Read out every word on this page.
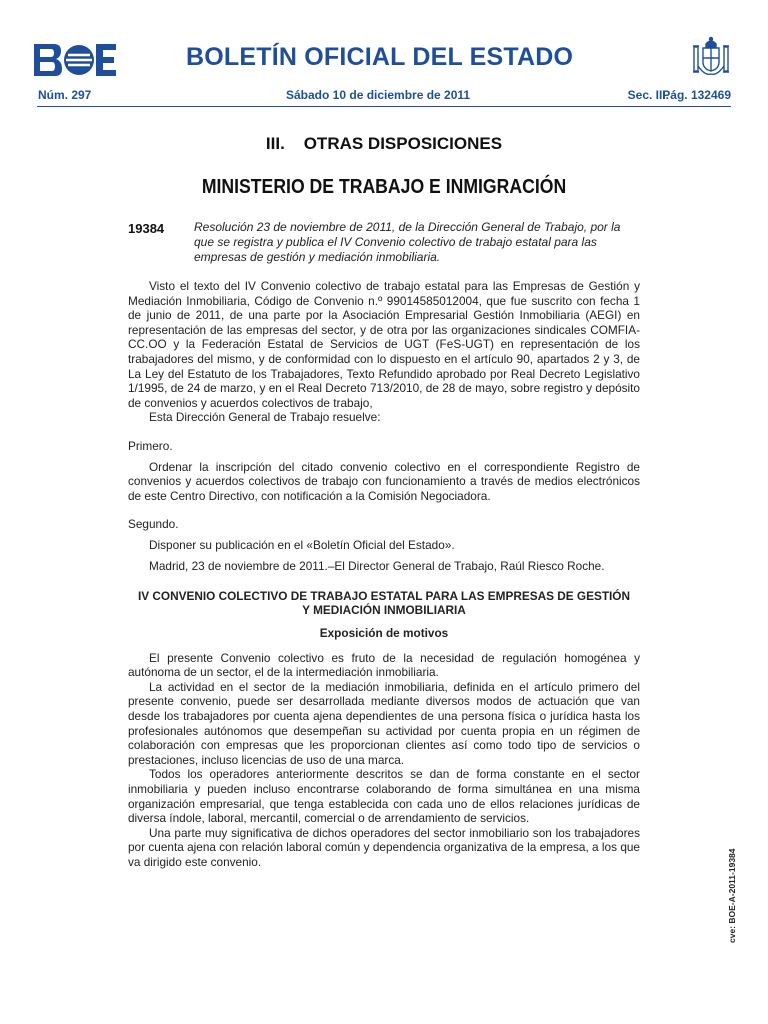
BOLETÍN OFICIAL DEL ESTADO
Núm. 297	Sábado 10 de diciembre de 2011	Sec. III.
Pág. 132469
III.    OTRAS DISPOSICIONES
MINISTERIO DE TRABAJO E INMIGRACIÓN
19384 Resolución 23 de noviembre de 2011, de la Dirección General de Trabajo, por la que se registra y publica el IV Convenio colectivo de trabajo estatal para las empresas de gestión y mediación inmobiliaria.

Visto el texto del IV Convenio colectivo de trabajo estatal para las Empresas de Gestión y Mediación Inmobiliaria, Código de Convenio n.º 99014585012004, que fue suscrito con fecha 1 de junio de 2011, de una parte por la Asociación Empresarial Gestión Inmobiliaria (AEGI) en representación de las empresas del sector, y de otra por las organizaciones sindicales COMFIA-CC.OO y la Federación Estatal de Servicios de UGT (FeS-UGT) en representación de los trabajadores del mismo, y de conformidad con lo dispuesto en el artículo 90, apartados 2 y 3, de La Ley del Estatuto de los Trabajadores, Texto Refundido aprobado por Real Decreto Legislativo 1/1995, de 24 de marzo, y en el Real Decreto 713/2010, de 28 de mayo, sobre registro y depósito de convenios y acuerdos colectivos de trabajo,

Esta Dirección General de Trabajo resuelve:

Primero.

Ordenar la inscripción del citado convenio colectivo en el correspondiente Registro de convenios y acuerdos colectivos de trabajo con funcionamiento a través de medios electrónicos de este Centro Directivo, con notificación a la Comisión Negociadora.

Segundo.

Disponer su publicación en el «Boletín Oficial del Estado».

Madrid, 23 de noviembre de 2011.–El Director General de Trabajo, Raúl Riesco Roche.

IV CONVENIO COLECTIVO DE TRABAJO ESTATAL PARA LAS EMPRESAS DE GESTIÓN Y MEDIACIÓN INMOBILIARIA

Exposición de motivos

El presente Convenio colectivo es fruto de la necesidad de regulación homogénea y autónoma de un sector, el de la intermediación inmobiliaria.

La actividad en el sector de la mediación inmobiliaria, definida en el artículo primero del presente convenio, puede ser desarrollada mediante diversos modos de actuación que van desde los trabajadores por cuenta ajena dependientes de una persona física o jurídica hasta los profesionales autónomos que desempeñan su actividad por cuenta propia en un régimen de colaboración con empresas que les proporcionan clientes así como todo tipo de servicios o prestaciones, incluso licencias de uso de una marca.

Todos los operadores anteriormente descritos se dan de forma constante en el sector inmobiliaria y pueden incluso encontrarse colaborando de forma simultánea en una misma organización empresarial, que tenga establecida con cada uno de ellos relaciones jurídicas de diversa índole, laboral, mercantil, comercial o de arrendamiento de servicios.

Una parte muy significativa de dichos operadores del sector inmobiliario son los trabajadores por cuenta ajena con relación laboral común y dependencia organizativa de la empresa, a los que va dirigido este convenio.	cve: BOE-A-2011-19384
